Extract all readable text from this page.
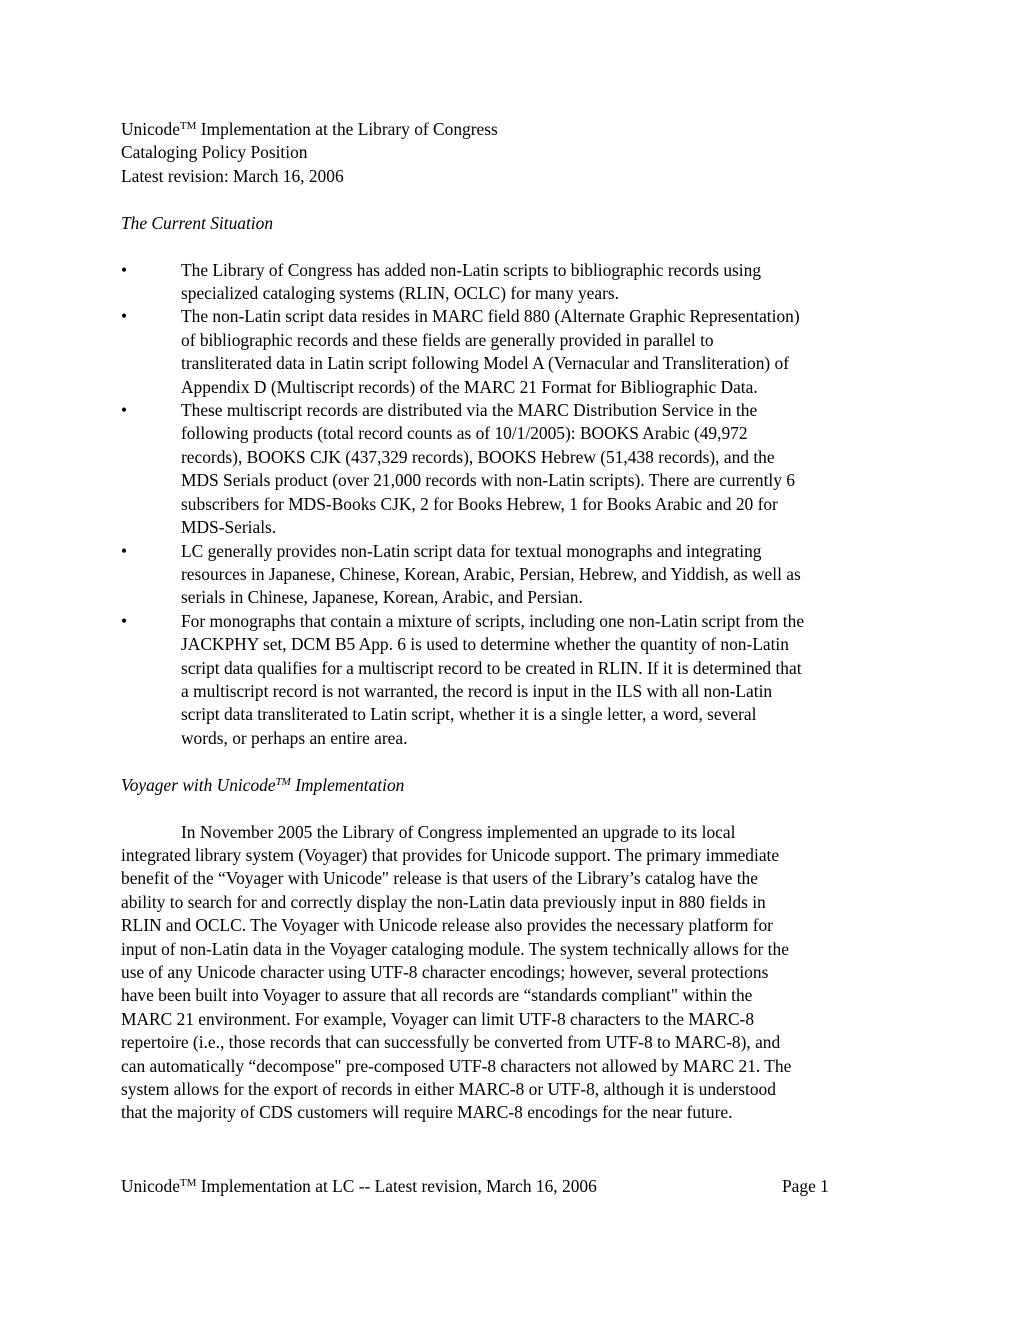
Unicode™ Implementation at the Library of Congress

Cataloging Policy Position

Latest revision: March 16, 2006

The Current Situation

•	The Library of Congress has added non-Latin scripts to bibliographic records using
specialized cataloging systems (RLIN, OCLC) for many years.
•	The non-Latin script data resides in MARC field 880 (Alternate Graphic Representation)
of bibliographic records and these fields are generally provided in parallel to
transliterated data in Latin script following Model A (Vernacular and Transliteration) of
Appendix D (Multiscript records) of the MARC 21 Format for Bibliographic Data.
•	These multiscript records are distributed via the MARC Distribution Service in the
following products (total record counts as of 10/1/2005): BOOKS Arabic (49,972
records), BOOKS CJK (437,329 records), BOOKS Hebrew (51,438 records), and the
MDS Serials product (over 21,000 records with non-Latin scripts). There are currently 6
subscribers for MDS-Books CJK, 2 for Books Hebrew, 1 for Books Arabic and 20 for
MDS-Serials.
•	LC generally provides non-Latin script data for textual monographs and integrating
resources in Japanese, Chinese, Korean, Arabic, Persian, Hebrew, and Yiddish, as well as
serials in Chinese, Japanese, Korean, Arabic, and Persian.
•	For monographs that contain a mixture of scripts, including one non-Latin script from the
JACKPHY set, DCM B5 App. 6 is used to determine whether the quantity of non-Latin
script data qualifies for a multiscript record to be created in RLIN. If it is determined that
a multiscript record is not warranted, the record is input in the ILS with all non-Latin
script data transliterated to Latin script, whether it is a single letter, a word, several
words, or perhaps an entire area.

Voyager with Unicode™ Implementation

In November 2005 the Library of Congress implemented an upgrade to its local
integrated library system (Voyager) that provides for Unicode support. The primary immediate
benefit of the “Voyager with Unicode" release is that users of the Library’s catalog have the
ability to search for and correctly display the non-Latin data previously input in 880 fields in
RLIN and OCLC. The Voyager with Unicode release also provides the necessary platform for
input of non-Latin data in the Voyager cataloging module. The system technically allows for the
use of any Unicode character using UTF-8 character encodings; however, several protections
have been built into Voyager to assure that all records are “standards compliant" within the
MARC 21 environment. For example, Voyager can limit UTF-8 characters to the MARC-8
repertoire (i.e., those records that can successfully be converted from UTF-8 to MARC-8), and
can automatically “decompose" pre-composed UTF-8 characters not allowed by MARC 21. The
system allows for the export of records in either MARC-8 or UTF-8, although it is understood
that the majority of CDS customers will require MARC-8 encodings for the near future.

Unicode™ Implementation at LC -- Latest revision, March 16, 2006	Page 1
